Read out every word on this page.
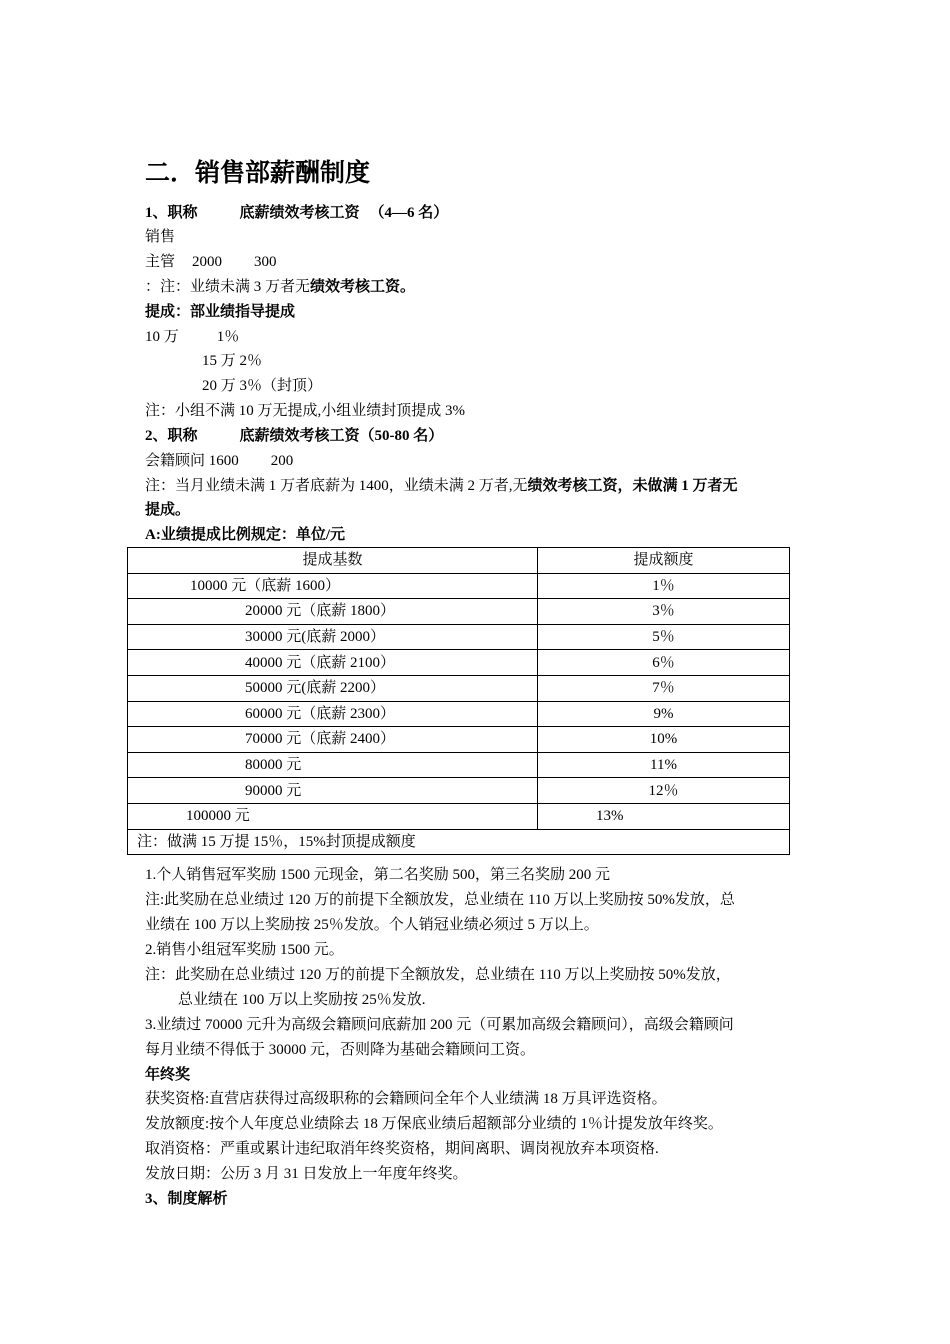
二．销售部薪酬制度

1、职称	底薪绩效考核工资 （4—6 名）

销售

主管 2000 300

：注：业绩未满 3 万者无绩效考核工资。

提成：部业绩指导提成

10 万	1％

15 万 2％

20 万 3％（封顶）

注：小组不满 10 万无提成,小组业绩封顶提成 3%

2、职称	底薪绩效考核工资（50-80 名）

会籍顾问 1600 200

注：当月业绩未满 1 万者底薪为 1400，业绩未满 2 万者,无绩效考核工资，未做满 1 万者无

提成。

A:业绩提成比例规定：单位/元

提成基数	提成额度
10000 元（底薪 1600）	1％
20000 元（底薪 1800）	3％
30000 元(底薪 2000）	5％
40000 元（底薪 2100）	6％
50000 元(底薪 2200）	7％
60000 元（底薪 2300）	9%
70000 元（底薪 2400）	10%
80000 元	11%
90000 元	12％
100000 元	13%
注：做满 15 万提 15％，15%封顶提成额度	

1.个人销售冠军奖励 1500 元现金，第二名奖励 500，第三名奖励 200 元

注:此奖励在总业绩过 120 万的前提下全额放发，总业绩在 110 万以上奖励按 50%发放，总

业绩在 100 万以上奖励按 25％发放。个人销冠业绩必须过 5 万以上。

2.销售小组冠军奖励 1500 元。

注：此奖励在总业绩过 120 万的前提下全额放发，总业绩在 110 万以上奖励按 50%发放，

总业绩在 100 万以上奖励按 25％发放.

3.业绩过 70000 元升为高级会籍顾问底薪加 200 元（可累加高级会籍顾问），高级会籍顾问

每月业绩不得低于 30000 元，否则降为基础会籍顾问工资。

年终奖

获奖资格:直营店获得过高级职称的会籍顾问全年个人业绩满 18 万具评选资格。

发放额度:按个人年度总业绩除去 18 万保底业绩后超额部分业绩的 1％计提发放年终奖。

取消资格：严重或累计违纪取消年终奖资格，期间离职、调岗视放弃本项资格.

发放日期：公历 3 月 31 日发放上一年度年终奖。

3、制度解析
